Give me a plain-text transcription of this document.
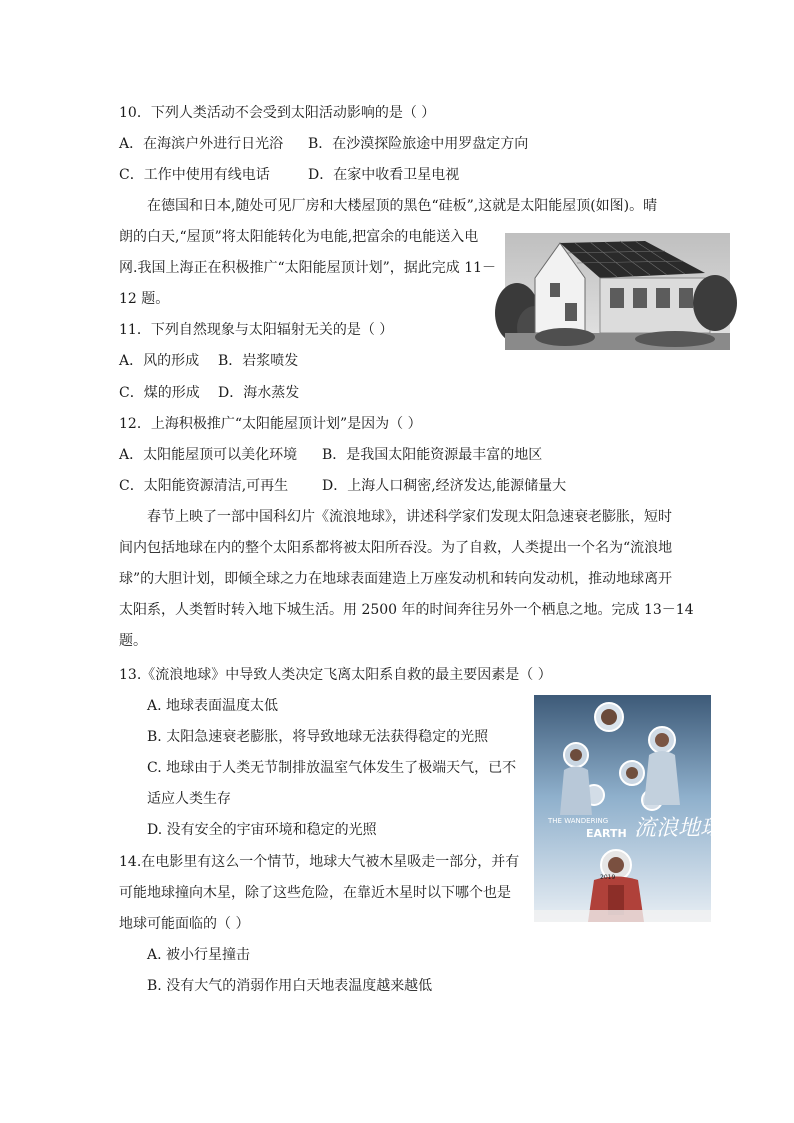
10．下列人类活动不会受到太阳活动影响的是（ ）
A．在海滨户外进行日光浴 B．在沙漠探险旅途中用罗盘定方向
C．工作中使用有线电话	D．在家中收看卫星电视
在德国和日本,随处可见厂房和大楼屋顶的黑色“硅板”,这就是太阳能屋顶(如图)。晴
朗的白天,“屋顶”将太阳能转化为电能,把富余的电能送入电
网.我国上海正在积极推广“太阳能屋顶计划”，据此完成 11－
12 题。
11．下列自然现象与太阳辐射无关的是（ ）
A．风的形成 B．岩浆喷发
C．煤的形成 D．海水蒸发
12．上海积极推广“太阳能屋顶计划”是因为（ ）
A．太阳能屋顶可以美化环境 B．是我国太阳能资源最丰富的地区
C．太阳能资源清洁,可再生 D．上海人口稠密,经济发达,能源储量大
春节上映了一部中国科幻片《流浪地球》，讲述科学家们发现太阳急速衰老膨胀，短时
间内包括地球在内的整个太阳系都将被太阳所吞没。为了自救，人类提出一个名为“流浪地
球”的大胆计划，即倾全球之力在地球表面建造上万座发动机和转向发动机，推动地球离开
太阳系，人类暂时转入地下城生活。用 2500 年的时间奔往另外一个栖息之地。完成 13－14
题。
13.《流浪地球》中导致人类决定飞离太阳系自救的最主要因素是（ ）
A. 地球表面温度太低
B. 太阳急速衰老膨胀，将导致地球无法获得稳定的光照
C. 地球由于人类无节制排放温室气体发生了极端天气，已不
适应人类生存
D. 没有安全的宇宙环境和稳定的光照
THE WANDERING
EARTH 流浪地球
2019
14.在电影里有这么一个情节，地球大气被木星吸走一部分，并有
可能地球撞向木星，除了这些危险，在靠近木星时以下哪个也是
地球可能面临的（ ）
A. 被小行星撞击
B. 没有大气的消弱作用白天地表温度越来越低
